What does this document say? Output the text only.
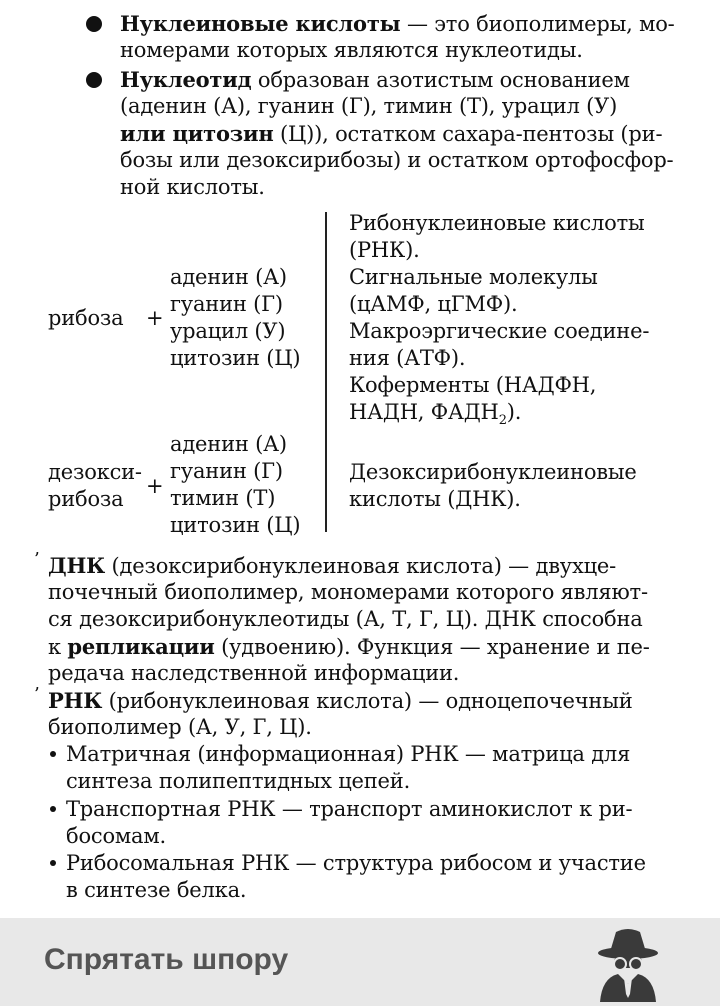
Нуклеиновые кислоты — это биополимеры, мо-
номерами которых являются нуклеотиды.
Нуклеотид образован азотистым основанием
(аденин (А), гуанин (Г), тимин (Т), урацил (У)
или цитозин (Ц)), остатком сахара-пентозы (ри-
бозы или дезоксирибозы) и остатком ортофосфор-
ной кислоты.
рибоза +
аденин (А)
гуанин (Г)
урацил (У)
цитозин (Ц)
Рибонуклеиновые кислоты
(РНК).
Сигнальные молекулы
(цАМФ, цГМФ).
Макроэргические соедине-
ния (АТФ).
Коферменты (НАДФН,
НАДН, $ФАДН_2$).
дезокси-
рибоза
+
аденин (А)
гуанин (Г)
тимин (Т)
цитозин (Ц)
Дезоксирибонуклеиновые
кислоты (ДНК).
’ ДНК (дезоксирибонуклеиновая кислота) — двухце-
почечный биополимер, мономерами которого являют-
ся дезоксирибонуклеотиды (А, Т, Г, Ц). ДНК способна
к репликации (удвоению). Функция — хранение и пе-
редача наследственной информации.
’ РНК (рибонуклеиновая кислота) — одноцепочечный
биополимер (А, У, Г, Ц).
Матричная (информационная) РНК — матрица для
синтеза полипептидных цепей.
Транспортная РНК — транспорт аминокислот к ри-
босомам.
Рибосомальная РНК — структура рибосом и участие
в синтезе белка.
Спрятать шпору
